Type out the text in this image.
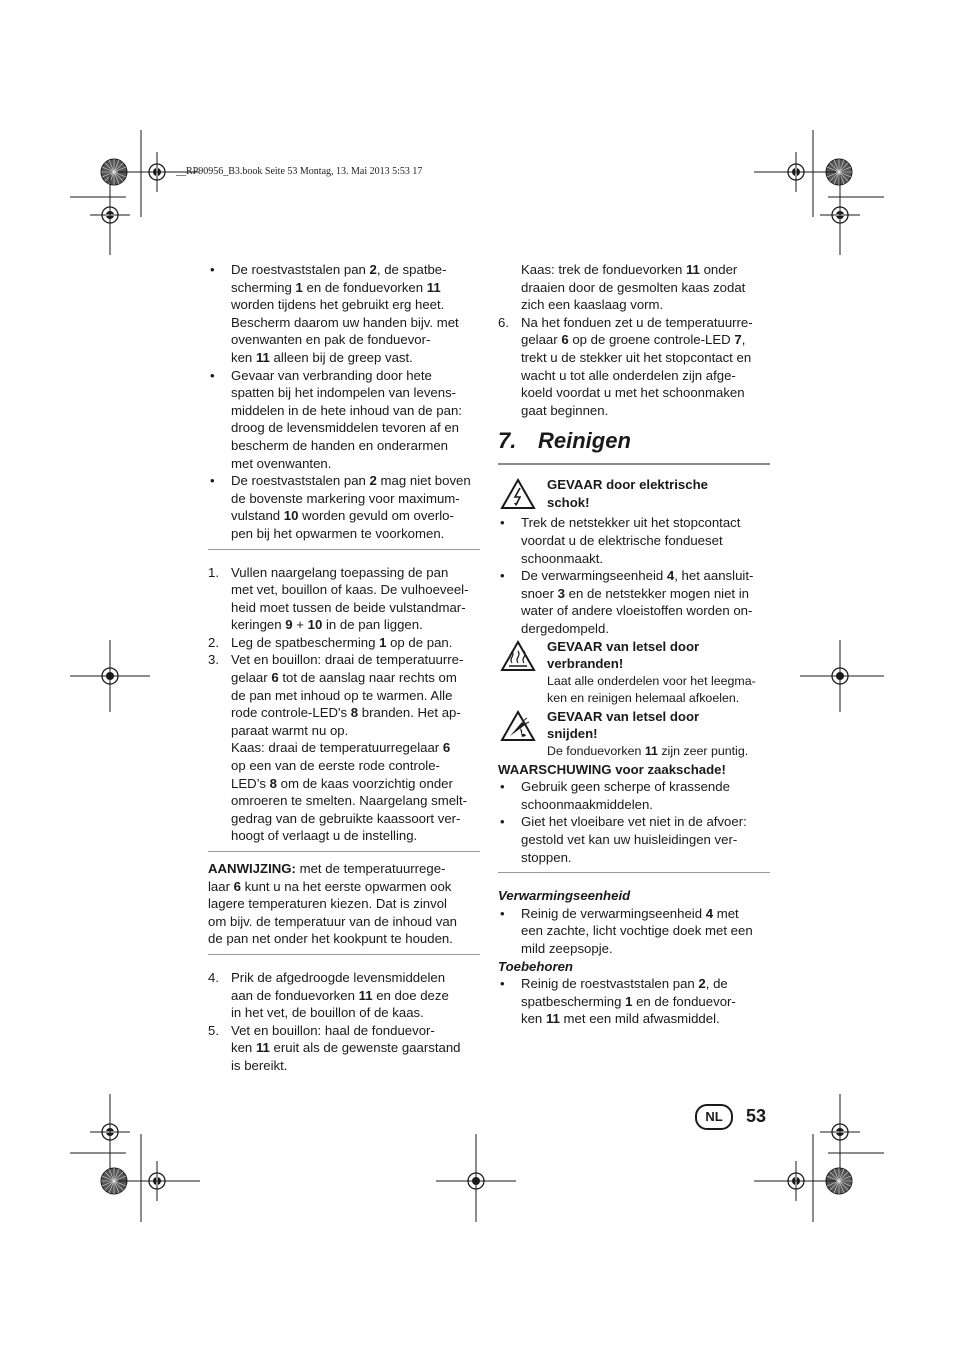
__RP90956_B3.book Seite 53 Montag, 13. Mai 2013 5:53 17
• De roestvaststalen pan 2, de spatbe-
scherming 1 en de fonduevorken 11
worden tijdens het gebruikt erg heet.
Bescherm daarom uw handen bijv. met
ovenwanten en pak de fonduevor-
ken 11 alleen bij de greep vast.
• Gevaar van verbranding door hete
spatten bij het indompelen van levens-
middelen in de hete inhoud van de pan:
droog de levensmiddelen tevoren af en
bescherm de handen en onderarmen
met ovenwanten.
• De roestvaststalen pan 2 mag niet boven
de bovenste markering voor maximum-
vulstand 10 worden gevuld om overlo-
pen bij het opwarmen te voorkomen.
1. Vullen naargelang toepassing de pan
met vet, bouillon of kaas. De vulhoeveel-
heid moet tussen de beide vulstandmar-
keringen 9 + 10 in de pan liggen.
2. Leg de spatbescherming 1 op de pan.
3. Vet en bouillon: draai de temperatuurre-
gelaar 6 tot de aanslag naar rechts om
de pan met inhoud op te warmen. Alle
rode controle-LED's 8 branden. Het ap-
paraat warmt nu op.
Kaas: draai de temperatuurregelaar 6
op een van de eerste rode controle-
LED’s 8 om de kaas voorzichtig onder
omroeren te smelten. Naargelang smelt-
gedrag van de gebruikte kaassoort ver-
hoogt of verlaagt u de instelling.

AANWIJZING: met de temperatuurrege-
laar 6 kunt u na het eerste opwarmen ook
lagere temperaturen kiezen. Dat is zinvol
om bijv. de temperatuur van de inhoud van
de pan net onder het kookpunt te houden.

4. Prik de afgedroogde levensmiddelen
aan de fonduevorken 11 en doe deze
in het vet, de bouillon of de kaas.
5. Vet en bouillon: haal de fonduevor-
ken 11 eruit als de gewenste gaarstand
is bereikt.

Kaas: trek de fonduevorken 11 onder
draaien door de gesmolten kaas zodat
zich een kaaslaag vorm.

6. Na het fonduen zet u de temperatuurre-
gelaar 6 op de groene controle-LED 7,
trekt u de stekker uit het stopcontact en
wacht u tot alle onderdelen zijn afge-
koeld voordat u met het schoonmaken
gaat beginnen.
7. Reinigen
GEVAAR door elektrische
schok!
• Trek de netstekker uit het stopcontact
voordat u de elektrische fondueset
schoonmaakt.
• De verwarmingseenheid 4, het aansluit-
snoer 3 en de netstekker mogen niet in
water of andere vloeistoffen worden on-
dergedompeld.
GEVAAR van letsel door
verbranden!
Laat alle onderdelen voor het leegma-
ken en reinigen helemaal afkoelen.
GEVAAR van letsel door
snijden!
De fonduevorken 11 zijn zeer puntig.
WAARSCHUWING voor zaakschade!
• Gebruik geen scherpe of krassende
schoonmaakmiddelen.
• Giet het vloeibare vet niet in de afvoer:
gestold vet kan uw huisleidingen ver-
stoppen.
Verwarmingseenheid
• Reinig de verwarmingseenheid 4 met
een zachte, licht vochtige doek met een
mild zeepsopje.
Toebehoren
• Reinig de roestvaststalen pan 2, de
spatbescherming 1 en de fonduevor-
ken 11 met een mild afwasmiddel.
NL	53
